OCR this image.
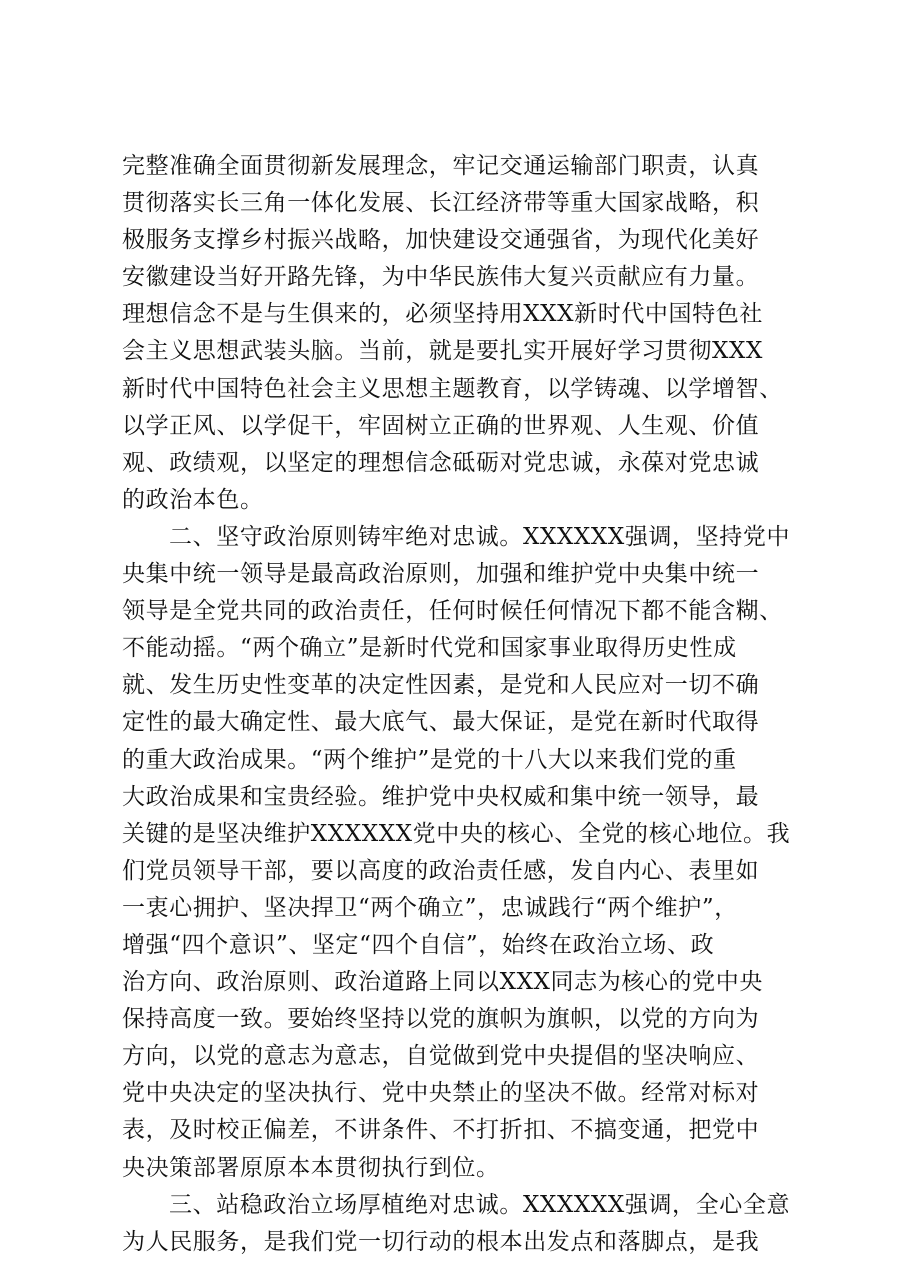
完整准确全面贯彻新发展理念，牢记交通运输部门职责，认真
贯彻落实长三角一体化发展、长江经济带等重大国家战略，积
极服务支撑乡村振兴战略，加快建设交通强省，为现代化美好
安徽建设当好开路先锋，为中华民族伟大复兴贡献应有力量。
理想信念不是与生俱来的，必须坚持用XXX新时代中国特色社
会主义思想武装头脑。当前，就是要扎实开展好学习贯彻XXX
新时代中国特色社会主义思想主题教育，以学铸魂、以学增智、
以学正风、以学促干，牢固树立正确的世界观、人生观、价值
观、政绩观，以坚定的理想信念砥砺对党忠诚，永葆对党忠诚
的政治本色。
二、坚守政治原则铸牢绝对忠诚。XXXXXX强调，坚持党中
央集中统一领导是最高政治原则，加强和维护党中央集中统一
领导是全党共同的政治责任，任何时候任何情况下都不能含糊、
不能动摇。“两个确立”是新时代党和国家事业取得历史性成
就、发生历史性变革的决定性因素，是党和人民应对一切不确
定性的最大确定性、最大底气、最大保证，是党在新时代取得
的重大政治成果。“两个维护”是党的十八大以来我们党的重
大政治成果和宝贵经验。维护党中央权威和集中统一领导，最
关键的是坚决维护XXXXXX党中央的核心、全党的核心地位。我
们党员领导干部，要以高度的政治责任感，发自内心、表里如
一衷心拥护、坚决捍卫“两个确立”，忠诚践行“两个维护”，
增强“四个意识”、坚定“四个自信”，始终在政治立场、政
治方向、政治原则、政治道路上同以XXX同志为核心的党中央
保持高度一致。要始终坚持以党的旗帜为旗帜，以党的方向为
方向，以党的意志为意志，自觉做到党中央提倡的坚决响应、
党中央决定的坚决执行、党中央禁止的坚决不做。经常对标对
表，及时校正偏差，不讲条件、不打折扣、不搞变通，把党中
央决策部署原原本本贯彻执行到位。
三、站稳政治立场厚植绝对忠诚。XXXXXX强调，全心全意
为人民服务，是我们党一切行动的根本出发点和落脚点，是我
